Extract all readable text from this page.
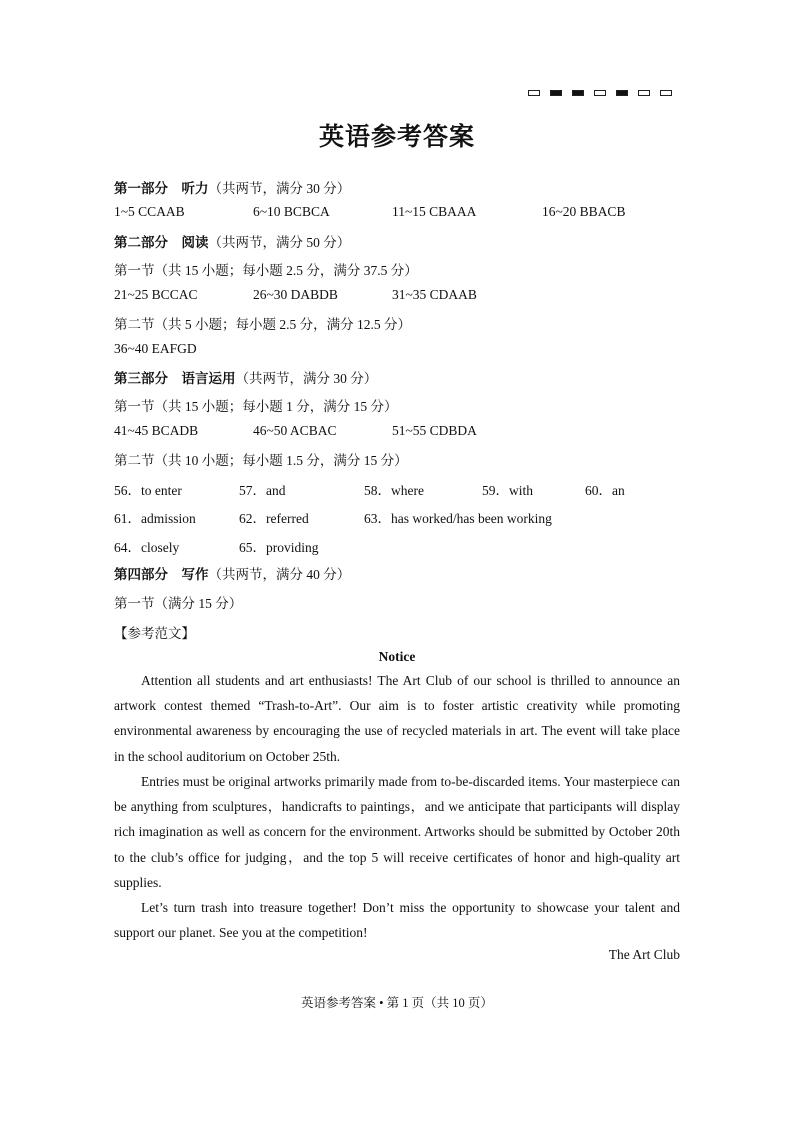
英语参考答案
第一部分　听力（共两节，满分 30 分）
1~5 CCAAB	6~10 BCBCA	11~15 CBAAA	16~20 BBACB
第二部分　阅读（共两节，满分 50 分）
第一节（共 15 小题；每小题 2.5 分，满分 37.5 分）
21~25 BCCAC	26~30 DABDB	31~35 CDAAB
第二节（共 5 小题；每小题 2.5 分，满分 12.5 分）
36~40 EAFGD
第三部分　语言运用（共两节，满分 30 分）
第一节（共 15 小题；每小题 1 分，满分 15 分）
41~45 BCADB	46~50 ACBAC	51~55 CDBDA
第二节（共 10 小题；每小题 1.5 分，满分 15 分）
56．to enter	57．and	58．where	59．with	60．an
61．admission	62．referred	63．has worked/has been working
64．closely	65．providing
第四部分　写作（共两节，满分 40 分）
第一节（满分 15 分）
【参考范文】
Notice
Attention all students and art enthusiasts! The Art Club of our school is thrilled to announce an artwork contest themed “Trash-to-Art”. Our aim is to foster artistic creativity while promoting environmental awareness by encouraging the use of recycled materials in art. The event will take place in the school auditorium on October 25th.
Entries must be original artworks primarily made from to-be-discarded items. Your masterpiece can be anything from sculptures，handicrafts to paintings，and we anticipate that participants will display rich imagination as well as concern for the environment. Artworks should be submitted by October 20th to the club’s office for judging，and the top 5 will receive certificates of honor and high-quality art supplies.
Let’s turn trash into treasure together! Don’t miss the opportunity to showcase your talent and support our planet. See you at the competition!
The Art Club
英语参考答案 • 第 1 页（共 10 页）
